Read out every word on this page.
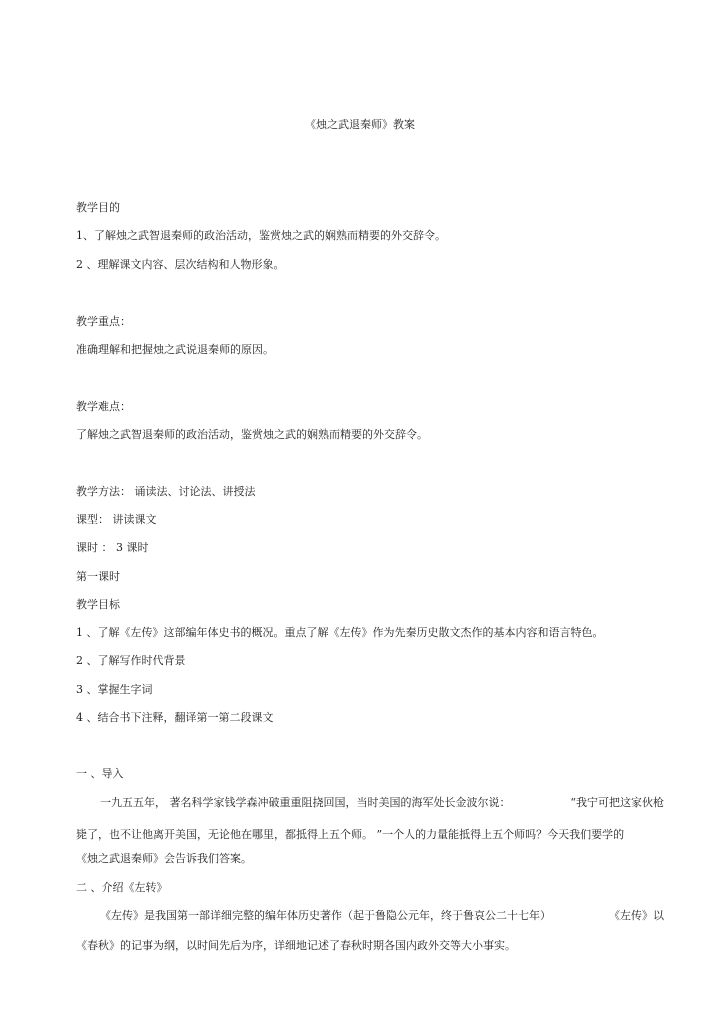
《烛之武退秦师》教案
教学目的
1、了解烛之武智退秦师的政治活动，鉴赏烛之武的娴熟而精要的外交辞令。
2 、理解课文内容、层次结构和人物形象。
教学重点：
准确理解和把握烛之武说退秦师的原因。
教学难点：
了解烛之武智退秦师的政治活动，鉴赏烛之武的娴熟而精要的外交辞令。
教学方法： 诵读法、讨论法、讲授法
课型： 讲读课文
课时 ： 3 课时
第一课时
教学目标
1 、了解《左传》这部编年体史书的概况。重点了解《左传》作为先秦历史散文杰作的基本内容和语言特色。
2 、了解写作时代背景
3 、掌握生字词
4 、结合书下注释，翻译第一第二段课文
一 、导入
一九五五年， 著名科学家钱学森冲破重重阻挠回国，当时美国的海军处长金波尔说：	“我宁可把这家伙枪
毙了，也不让他离开美国，无论他在哪里，都抵得上五个师。 ”一个人的力量能抵得上五个师吗？今天我们要学的
《烛之武退秦师》会告诉我们答案。
二 、介绍《左转》
《左传》是我国第一部详细完整的编年体历史著作（起于鲁隐公元年，终于鲁哀公二十七年）	《左传》以
《春秋》的记事为纲，以时间先后为序，详细地记述了春秋时期各国内政外交等大小事实。
